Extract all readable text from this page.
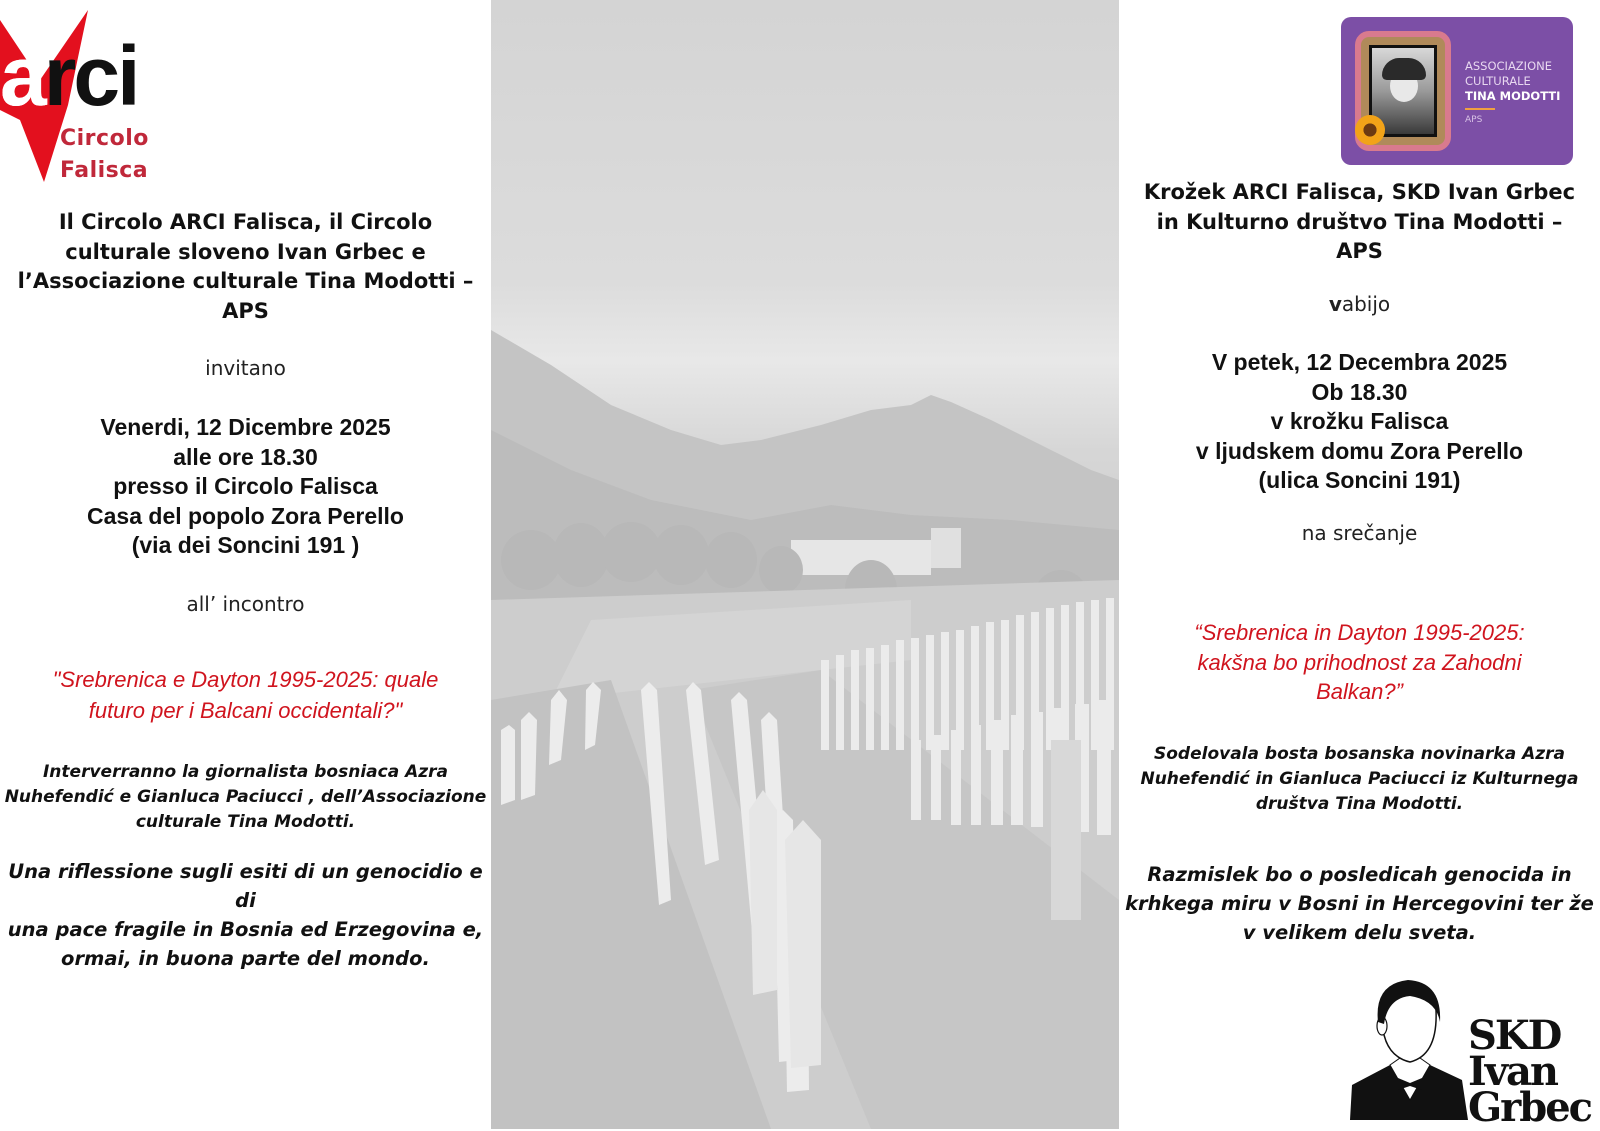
arci
Circolo
Falisca
Il Circolo ARCI Falisca, il Circolo
culturale sloveno Ivan Grbec e
l’Associazione culturale Tina Modotti –
APS
invitano
Venerdi, 12 Dicembre 2025
alle ore 18.30
presso il Circolo Falisca
Casa del popolo Zora Perello
(via dei Soncini 191 )
all’ incontro
"Srebrenica e Dayton 1995-2025: quale
futuro per i Balcani occidentali?"
Interverranno la giornalista bosniaca Azra
Nuhefendić e Gianluca Paciucci , dell’Associazione
culturale Tina Modotti.
Una riflessione sugli esiti di un genocidio e di
una pace fragile in Bosnia ed Erzegovina e,
ormai, in buona parte del mondo.
ASSOCIAZIONE
CULTURALE
TINA MODOTTI
APS
Krožek ARCI Falisca, SKD Ivan Grbec
in Kulturno društvo Tina Modotti –
APS
vabijo
V petek, 12 Decembra 2025
Ob 18.30
v krožku Falisca
v ljudskem domu Zora Perello
(ulica Soncini 191)
na srečanje
“Srebrenica in Dayton 1995-2025:
kakšna bo prihodnost za Zahodni
Balkan?”
Sodelovala bosta bosanska novinarka Azra
Nuhefendić in Gianluca Paciucci iz Kulturnega
društva Tina Modotti.
Razmislek bo o posledicah genocida in
krhkega miru v Bosni in Hercegovini ter že
v velikem delu sveta.
SKD
Ivan
Grbec
